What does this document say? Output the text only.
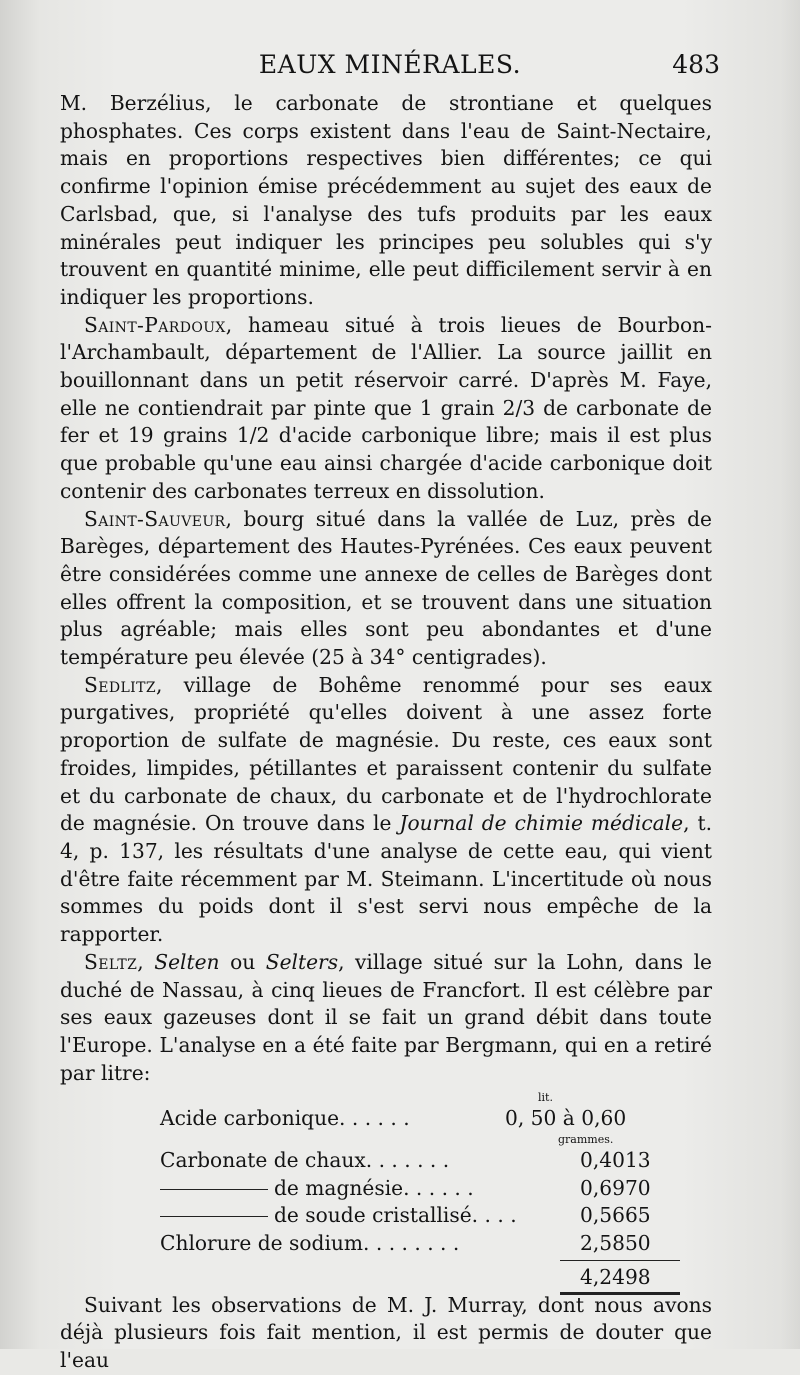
EAUX MINÉRALES.	483

M. Berzélius, le carbonate de strontiane et quelques phosphates. Ces corps existent dans l'eau de Saint-Nectaire, mais en proportions respectives bien différentes; ce qui confirme l'opinion émise précédemment au sujet des eaux de Carlsbad, que, si l'analyse des tufs produits par les eaux minérales peut indiquer les principes peu solubles qui s'y trouvent en quantité minime, elle peut difficilement servir à en indiquer les proportions.

Saint-Pardoux, hameau situé à trois lieues de Bourbon-l'Archambault, département de l'Allier. La source jaillit en bouillonnant dans un petit réservoir carré. D'après M. Faye, elle ne contiendrait par pinte que 1 grain 2/3 de carbonate de fer et 19 grains 1/2 d'acide carbonique libre; mais il est plus que probable qu'une eau ainsi chargée d'acide carbonique doit contenir des carbonates terreux en dissolution.

Saint-Sauveur, bourg situé dans la vallée de Luz, près de Barèges, département des Hautes-Pyrénées. Ces eaux peuvent être considérées comme une annexe de celles de Barèges dont elles offrent la composition, et se trouvent dans une situation plus agréable; mais elles sont peu abondantes et d'une température peu élevée (25 à 34° centigrades).

Sedlitz, village de Bohême renommé pour ses eaux purgatives, propriété qu'elles doivent à une assez forte proportion de sulfate de magnésie. Du reste, ces eaux sont froides, limpides, pétillantes et paraissent contenir du sulfate et du carbonate de chaux, du carbonate et de l'hydrochlorate de magnésie. On trouve dans le Journal de chimie médicale, t. 4, p. 137, les résultats d'une analyse de cette eau, qui vient d'être faite récemment par M. Steimann. L'incertitude où nous sommes du poids dont il s'est servi nous empêche de la rapporter.

Seltz, Selten ou Selters, village situé sur la Lohn, dans le duché de Nassau, à cinq lieues de Francfort. Il est célèbre par ses eaux gazeuses dont il se fait un grand débit dans toute l'Europe. L'analyse en a été faite par Bergmann, qui en a retiré par litre:

lit.
Acide carbonique. . . . . .	0, 50 à 0,60
grammes.
Carbonate de chaux. . . . . . .	0,4013
de magnésie. . . . . .	0,6970
de soude cristallisé. . . .	0,5665
Chlorure de sodium. . . . . . . .	2,5850
4,2498

Suivant les observations de M. J. Murray, dont nous avons déjà plusieurs fois fait mention, il est permis de douter que l'eau
